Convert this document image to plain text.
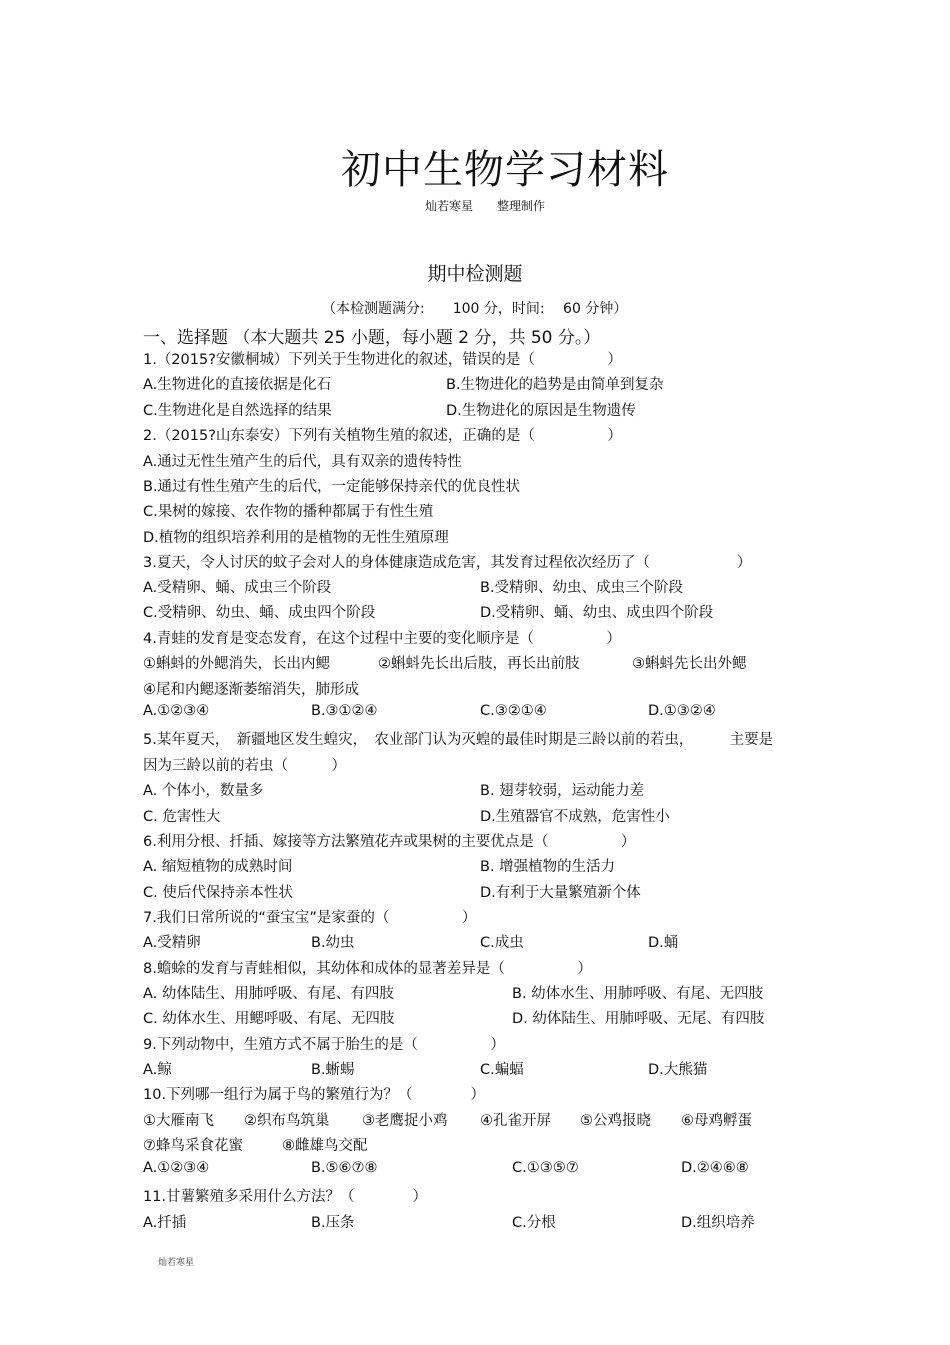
初中生物学习材料
灿若寒星　　整理制作
期中检测题
（本检测题满分:　　100 分，时间:　 60 分钟）
一、选择题 （本大题共 25 小题，每小题 2 分，共 50 分。）
1.（2015?安徽桐城）下列关于生物进化的叙述，错误的是（　　　　　）
A.生物进化的直接依据是化石	B.生物进化的趋势是由简单到复杂
C.生物进化是自然选择的结果	D.生物进化的原因是生物遗传
2.（2015?山东泰安）下列有关植物生殖的叙述，正确的是（　　　　　）
A.通过无性生殖产生的后代，具有双亲的遗传特性
B.通过有性生殖产生的后代，一定能够保持亲代的优良性状
C.果树的嫁接、农作物的播种都属于有性生殖
D.植物的组织培养利用的是植物的无性生殖原理
3.夏天，令人讨厌的蚊子会对人的身体健康造成危害，其发育过程依次经历了（　　　　　　）
A.受精卵、蛹、成虫三个阶段	B.受精卵、幼虫、成虫三个阶段
C.受精卵、幼虫、蛹、成虫四个阶段	D.受精卵、蛹、幼虫、成虫四个阶段
4.青蛙的发育是变态发育，在这个过程中主要的变化顺序是（　　　　　）
①蝌蚪的外鳃消失，长出内鳃	②蝌蚪先长出后肢，再长出前肢	③蝌蚪先长出外鳃
④尾和内鳃逐渐萎缩消失，肺形成
A.①②③④	B.③①②④	C.③②①④	D.①③②④
5.某年夏天，　新疆地区发生蝗灾，　农业部门认为灭蝗的最佳时期是三龄以前的若虫，　　　主要是
因为三龄以前的若虫（　　　）
A. 个体小，数量多	B. 翅芽较弱，运动能力差
C. 危害性大	D.生殖器官不成熟，危害性小
6.利用分根、扦插、嫁接等方法繁殖花卉或果树的主要优点是（　　　　　）
A. 缩短植物的成熟时间	B. 增强植物的生活力
C. 使后代保持亲本性状	D.有利于大量繁殖新个体
7.我们日常所说的“蚕宝宝”是家蚕的（　　　　　）
A.受精卵	B.幼虫	C.成虫	D.蛹
8.蟾蜍的发育与青蛙相似，其幼体和成体的显著差异是（　　　　　）
A. 幼体陆生、用肺呼吸、有尾、有四肢	B. 幼体水生、用肺呼吸、有尾、无四肢
C. 幼体水生、用鳃呼吸、有尾、无四肢	D. 幼体陆生、用肺呼吸、无尾、有四肢
9.下列动物中，生殖方式不属于胎生的是（　　　　　）
A.鲸	B.蜥蜴	C.蝙蝠	D.大熊猫
10.下列哪一组行为属于鸟的繁殖行为？（　　　　）
①大雁南飞 ②织布鸟筑巢 ③老鹰捉小鸡 ④孔雀开屏 ⑤公鸡报晓 ⑥母鸡孵蛋
⑦蜂鸟采食花蜜	⑧雌雄鸟交配
A.①②③④	B.⑤⑥⑦⑧	C.①③⑤⑦	D.②④⑥⑧
11.甘薯繁殖多采用什么方法？（　　　　）
A.扦插	B.压条	C.分根	D.组织培养
灿若寒星
